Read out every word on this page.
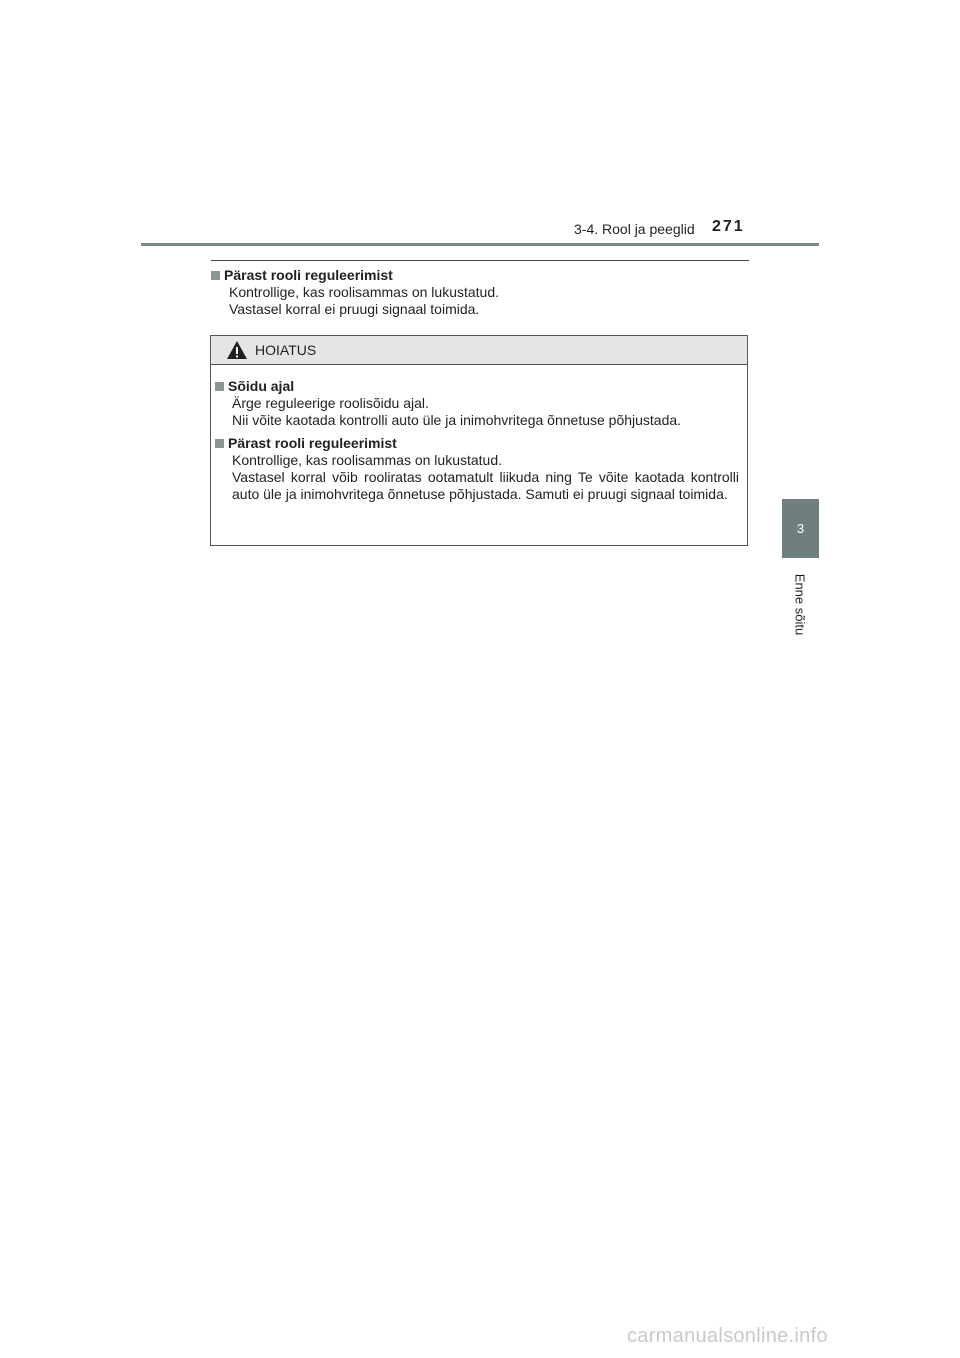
3-4. Rool ja peeglid 271
3
Enne sõitu
Pärast rooli reguleerimist
Kontrollige, kas roolisammas on lukustatud.
Vastasel korral ei pruugi signaal toimida.
HOIATUS
Sõidu ajal
Ärge reguleerige roolisõidu ajal.
Nii võite kaotada kontrolli auto üle ja inimohvritega õnnetuse põhjustada.
Pärast rooli reguleerimist
Kontrollige, kas roolisammas on lukustatud.
Vastasel korral võib rooliratas ootamatult liikuda ning Te võite kaotada kontrolli auto üle ja inimohvritega õnnetuse põhjustada. Samuti ei pruugi signaal toimida.
carmanualsonline.info
